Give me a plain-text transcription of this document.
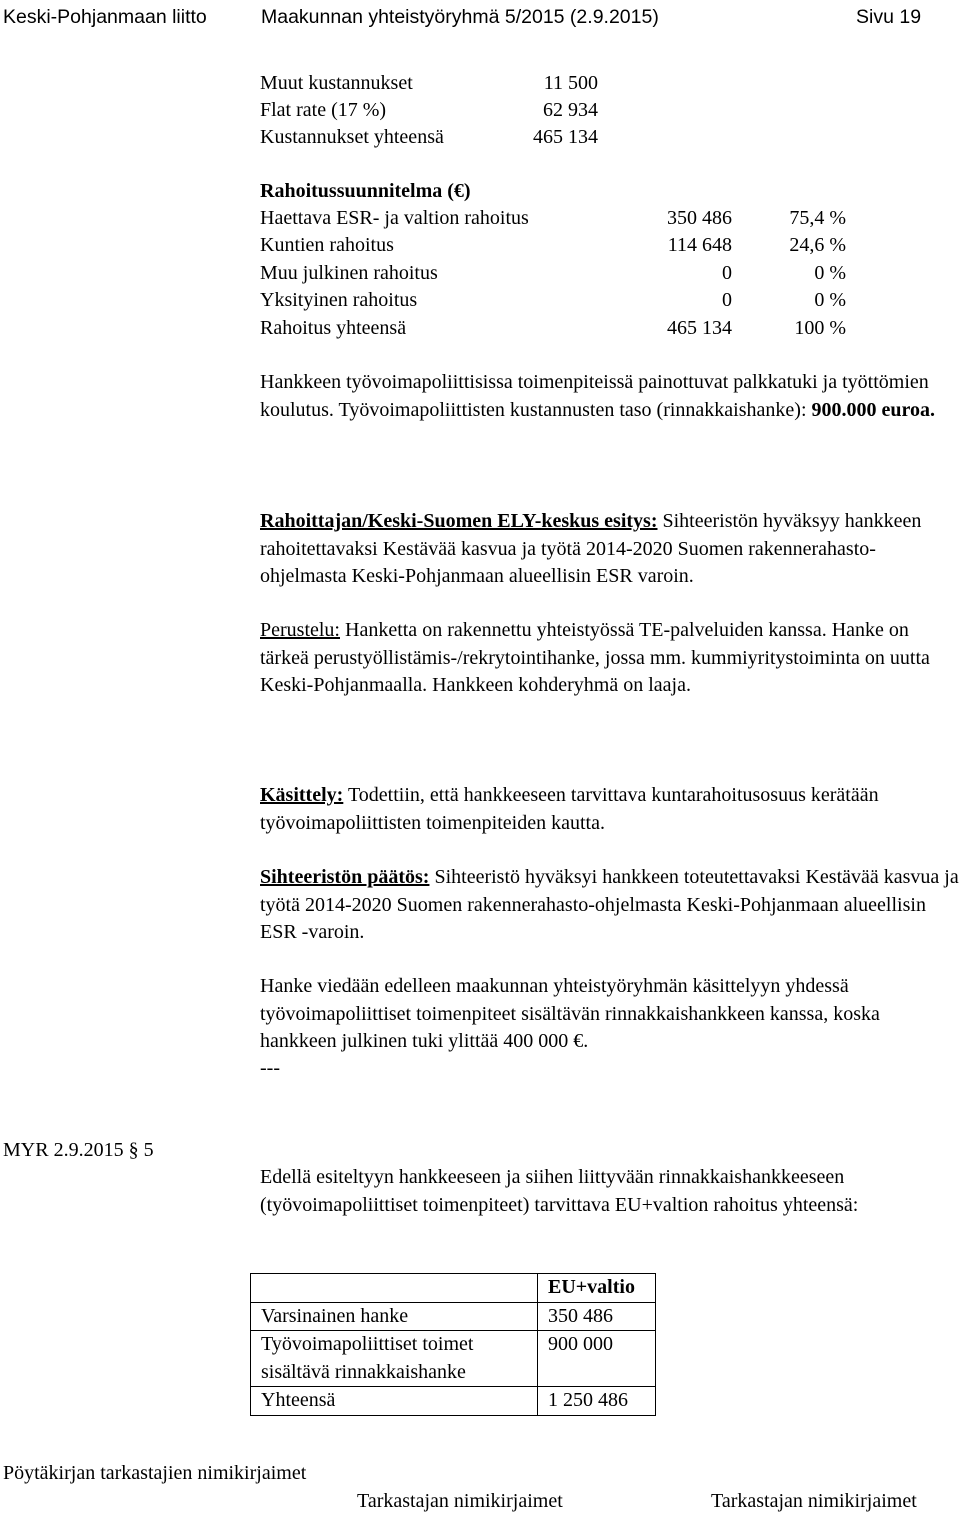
Keski-Pohjanmaan liitto	Maakunnan yhteistyöryhmä 5/2015 (2.9.2015)	Sivu 19
Muut kustannukset	11 500
Flat rate (17 %)	62 934
Kustannukset yhteensä	465 134
Rahoitussuunnitelma (€)
Haettava ESR- ja valtion rahoitus	350 486	75,4 %
Kuntien rahoitus	114 648	24,6 %
Muu julkinen rahoitus	0	0 %
Yksityinen rahoitus	0	0 %
Rahoitus yhteensä	465 134	100 %

Hankkeen työvoimapoliittisissa toimenpiteissä painottuvat palkkatuki ja työttömien koulutus. Työvoimapoliittisten kustannusten taso (rinnakkaishanke): 900.000 euroa.

Rahoittajan/Keski-Suomen ELY-keskus esitys: Sihteeristön hyväksyy hankkeen rahoitettavaksi Kestävää kasvua ja työtä 2014-2020 Suomen rakennerahasto-ohjelmasta Keski-Pohjanmaan alueellisin ESR varoin.

Perustelu: Hanketta on rakennettu yhteistyössä TE-palveluiden kanssa. Hanke on tärkeä perustyöllistämis-/rekrytointihanke, jossa mm. kummiyritystoiminta on uutta Keski-Pohjanmaalla. Hankkeen kohderyhmä on laaja.

Käsittely: Todettiin, että hankkeeseen tarvittava kuntarahoitusosuus kerätään työvoimapoliittisten toimenpiteiden kautta.

Sihteeristön päätös: Sihteeristö hyväksyi hankkeen toteutettavaksi Kestävää kasvua ja työtä 2014-2020 Suomen rakennerahasto-ohjelmasta Keski-Pohjanmaan alueellisin ESR -varoin.

Hanke viedään edelleen maakunnan yhteistyöryhmän käsittelyyn yhdessä työvoimapoliittiset toimenpiteet sisältävän rinnakkaishankkeen kanssa, koska hankkeen julkinen tuki ylittää 400 000 €.

---
MYR 2.9.2015 § 5

Edellä esiteltyyn hankkeeseen ja siihen liittyvään rinnakkaishankkeeseen (työvoimapoliittiset toimenpiteet) tarvittava EU+valtion rahoitus yhteensä:

	EU+valtio
Varsinainen hanke	350 486
Työvoimapoliittiset toimet sisältävä rinnakkaishanke	900 000
Yhteensä	1 250 486
Pöytäkirjan tarkastajien nimikirjaimet
Tarkastajan nimikirjaimet	Tarkastajan nimikirjaimet
